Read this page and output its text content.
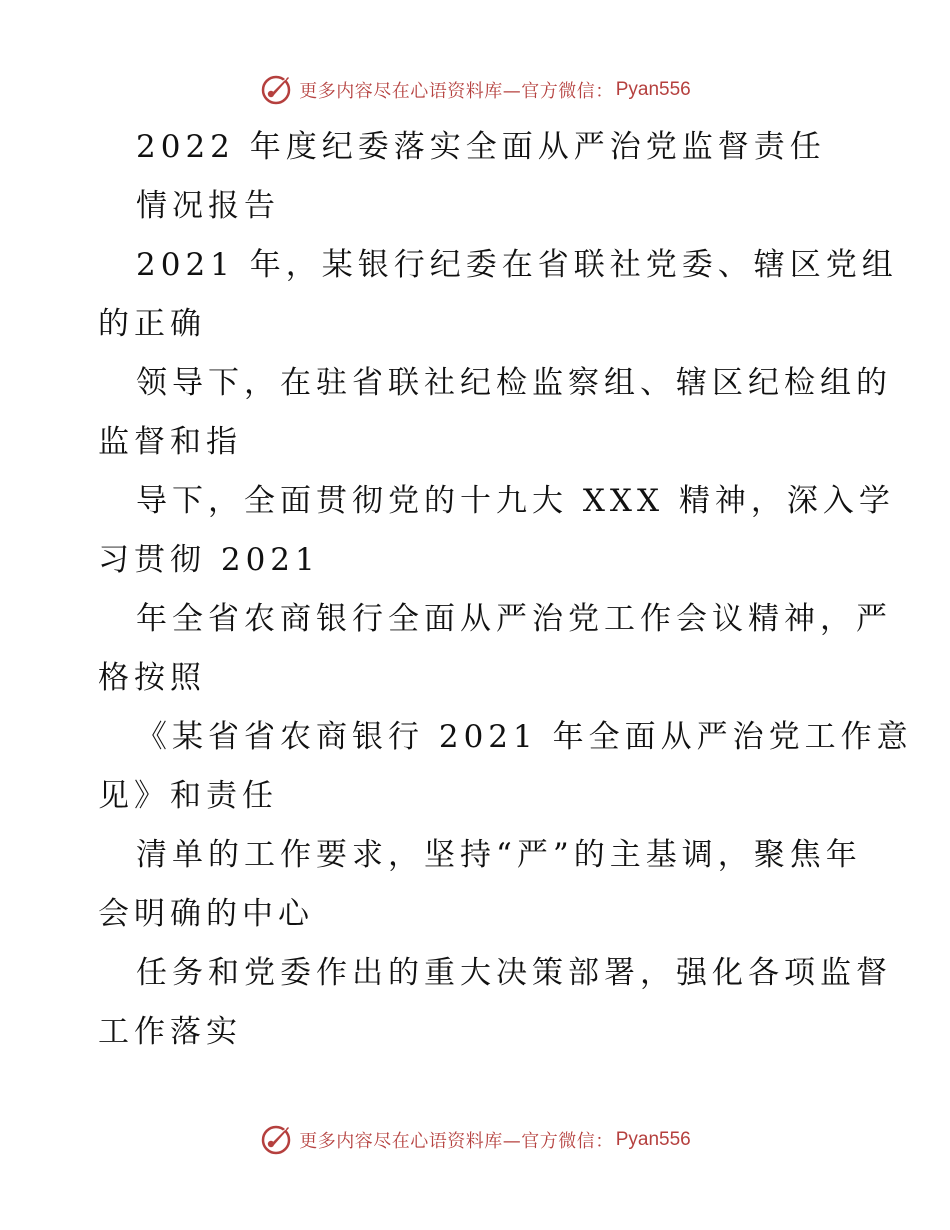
更多内容尽在心语资料库—官方微信： Pyan556
2022 年度纪委落实全面从严治党监督责任
情况报告
2021 年，某银行纪委在省联社党委、辖区党组
的正确
领导下，在驻省联社纪检监察组、辖区纪检组的
监督和指
导下，全面贯彻党的十九大 XXX 精神，深入学
习贯彻 2021
年全省农商银行全面从严治党工作会议精神，严
格按照
《某省省农商银行 2021 年全面从严治党工作意
见》和责任
清单的工作要求，坚持“严”的主基调，聚焦年
会明确的中心
任务和党委作出的重大决策部署，强化各项监督
工作落实
更多内容尽在心语资料库—官方微信： Pyan556
